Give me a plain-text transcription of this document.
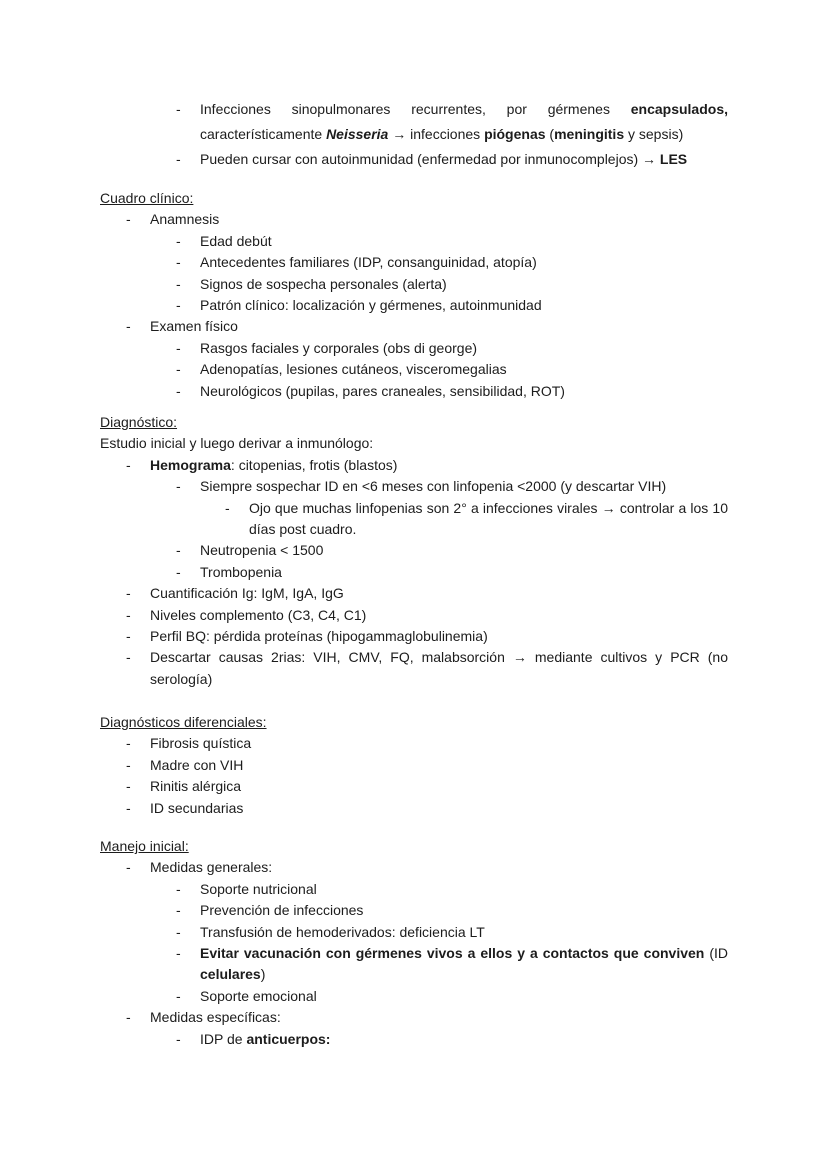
- Infecciones sinopulmonares recurrentes, por gérmenes encapsulados, característicamente Neisseria → infecciones piógenas (meningitis y sepsis)
- Pueden cursar con autoinmunidad (enfermedad por inmunocomplejos) → LES
Cuadro clínico:
- Anamnesis
- Edad debút
- Antecedentes familiares (IDP, consanguinidad, atopía)
- Signos de sospecha personales (alerta)
- Patrón clínico: localización y gérmenes, autoinmunidad
- Examen físico
- Rasgos faciales y corporales (obs di george)
- Adenopatías, lesiones cutáneos, visceromegalias
- Neurológicos (pupilas, pares craneales, sensibilidad, ROT)
Diagnóstico:
Estudio inicial y luego derivar a inmunólogo:
- Hemograma: citopenias, frotis (blastos)
- Siempre sospechar ID en <6 meses con linfopenia <2000 (y descartar VIH)
- Ojo que muchas linfopenias son 2° a infecciones virales → controlar a los 10 días post cuadro.
- Neutropenia < 1500
- Trombopenia
- Cuantificación Ig: IgM, IgA, IgG
- Niveles complemento (C3, C4, C1)
- Perfil BQ: pérdida proteínas (hipogammaglobulinemia)
- Descartar causas 2rias: VIH, CMV, FQ, malabsorción → mediante cultivos y PCR (no serología)
Diagnósticos diferenciales:
- Fibrosis quística
- Madre con VIH
- Rinitis alérgica
- ID secundarias
Manejo inicial:
- Medidas generales:
- Soporte nutricional
- Prevención de infecciones
- Transfusión de hemoderivados: deficiencia LT
- Evitar vacunación con gérmenes vivos a ellos y a contactos que conviven (ID celulares)
- Soporte emocional
- Medidas específicas:
- IDP de anticuerpos:
